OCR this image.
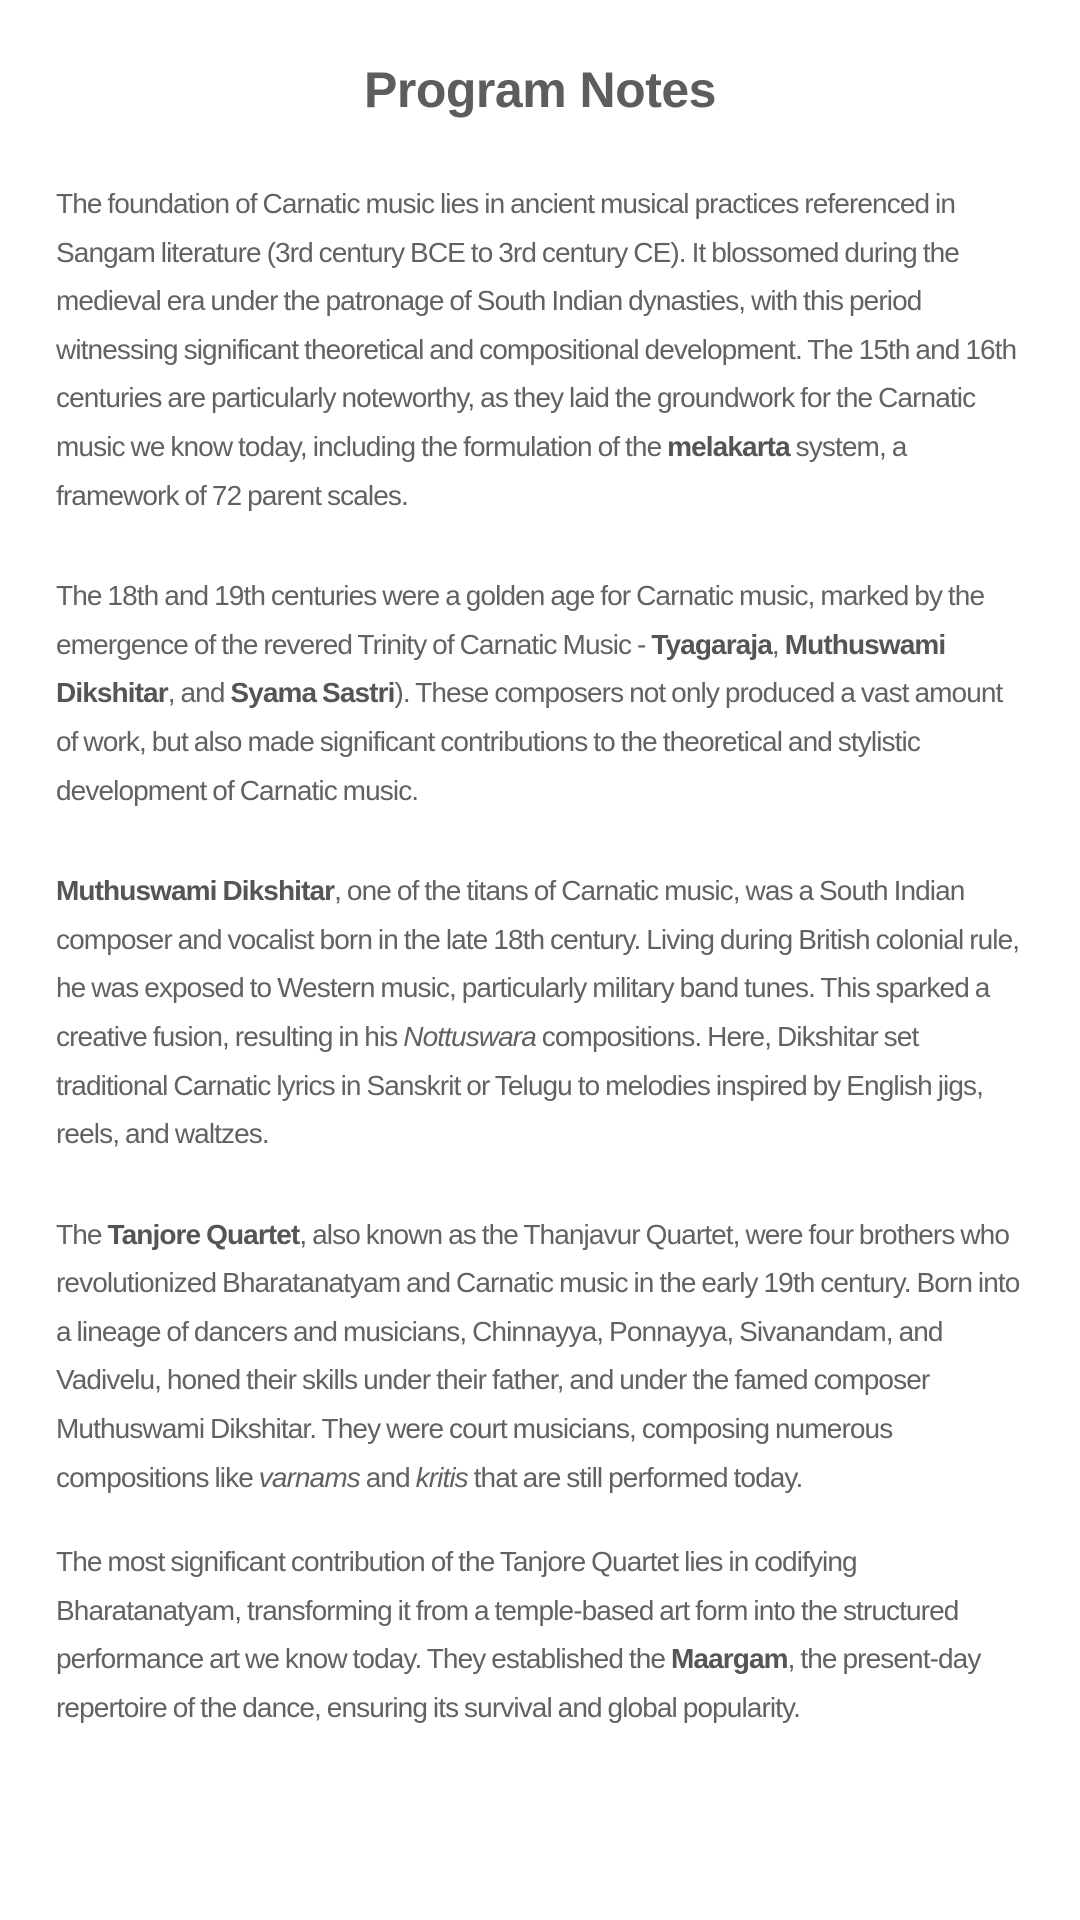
Program Notes

The foundation of Carnatic music lies in ancient musical practices referenced in Sangam literature (3rd century BCE to 3rd century CE). It blossomed during the medieval era under the patronage of South Indian dynasties, with this period witnessing significant theoretical and compositional development. The 15th and 16th centuries are particularly noteworthy, as they laid the groundwork for the Carnatic music we know today, including the formulation of the melakarta system, a framework of 72 parent scales.

The 18th and 19th centuries were a golden age for Carnatic music, marked by the emergence of the revered Trinity of Carnatic Music - Tyagaraja, Muthuswami Dikshitar, and Syama Sastri). These composers not only produced a vast amount of work, but also made significant contributions to the theoretical and stylistic development of Carnatic music.

Muthuswami Dikshitar, one of the titans of Carnatic music, was a South Indian composer and vocalist born in the late 18th century. Living during British colonial rule, he was exposed to Western music, particularly military band tunes. This sparked a creative fusion, resulting in his Nottuswara compositions. Here, Dikshitar set traditional Carnatic lyrics in Sanskrit or Telugu to melodies inspired by English jigs, reels, and waltzes.

The Tanjore Quartet, also known as the Thanjavur Quartet, were four brothers who revolutionized Bharatanatyam and Carnatic music in the early 19th century. Born into a lineage of dancers and musicians, Chinnayya, Ponnayya, Sivanandam, and Vadivelu, honed their skills under their father, and under the famed composer Muthuswami Dikshitar. They were court musicians, composing numerous compositions like varnams and kritis that are still performed today.

The most significant contribution of the Tanjore Quartet lies in codifying Bharatanatyam, transforming it from a temple-based art form into the structured performance art we know today. They established the Maargam, the present-day repertoire of the dance, ensuring its survival and global popularity.
